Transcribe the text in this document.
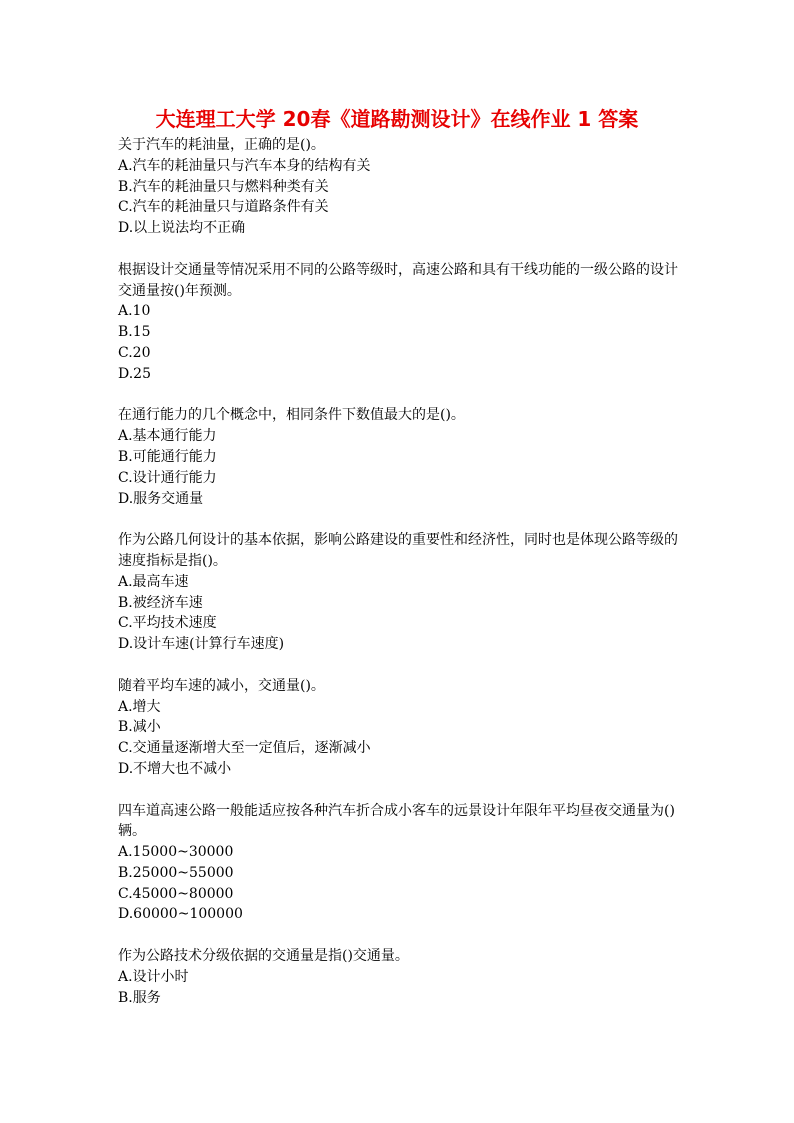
大连理工大学 20春《道路勘测设计》在线作业 1 答案
关于汽车的耗油量，正确的是()。
A.汽车的耗油量只与汽车本身的结构有关
B.汽车的耗油量只与燃料种类有关
C.汽车的耗油量只与道路条件有关
D.以上说法均不正确
根据设计交通量等情况采用不同的公路等级时，高速公路和具有干线功能的一级公路的设计交通量按()年预测。
A.10
B.15
C.20
D.25
在通行能力的几个概念中，相同条件下数值最大的是()。
A.基本通行能力
B.可能通行能力
C.设计通行能力
D.服务交通量
作为公路几何设计的基本依据，影响公路建设的重要性和经济性，同时也是体现公路等级的速度指标是指()。
A.最高车速
B.被经济车速
C.平均技术速度
D.设计车速(计算行车速度)
随着平均车速的减小，交通量()。
A.增大
B.减小
C.交通量逐渐增大至一定值后，逐渐减小
D.不增大也不减小
四车道高速公路一般能适应按各种汽车折合成小客车的远景设计年限年平均昼夜交通量为()辆。
A.15000~30000
B.25000~55000
C.45000~80000
D.60000~100000
作为公路技术分级依据的交通量是指()交通量。
A.设计小时
B.服务
